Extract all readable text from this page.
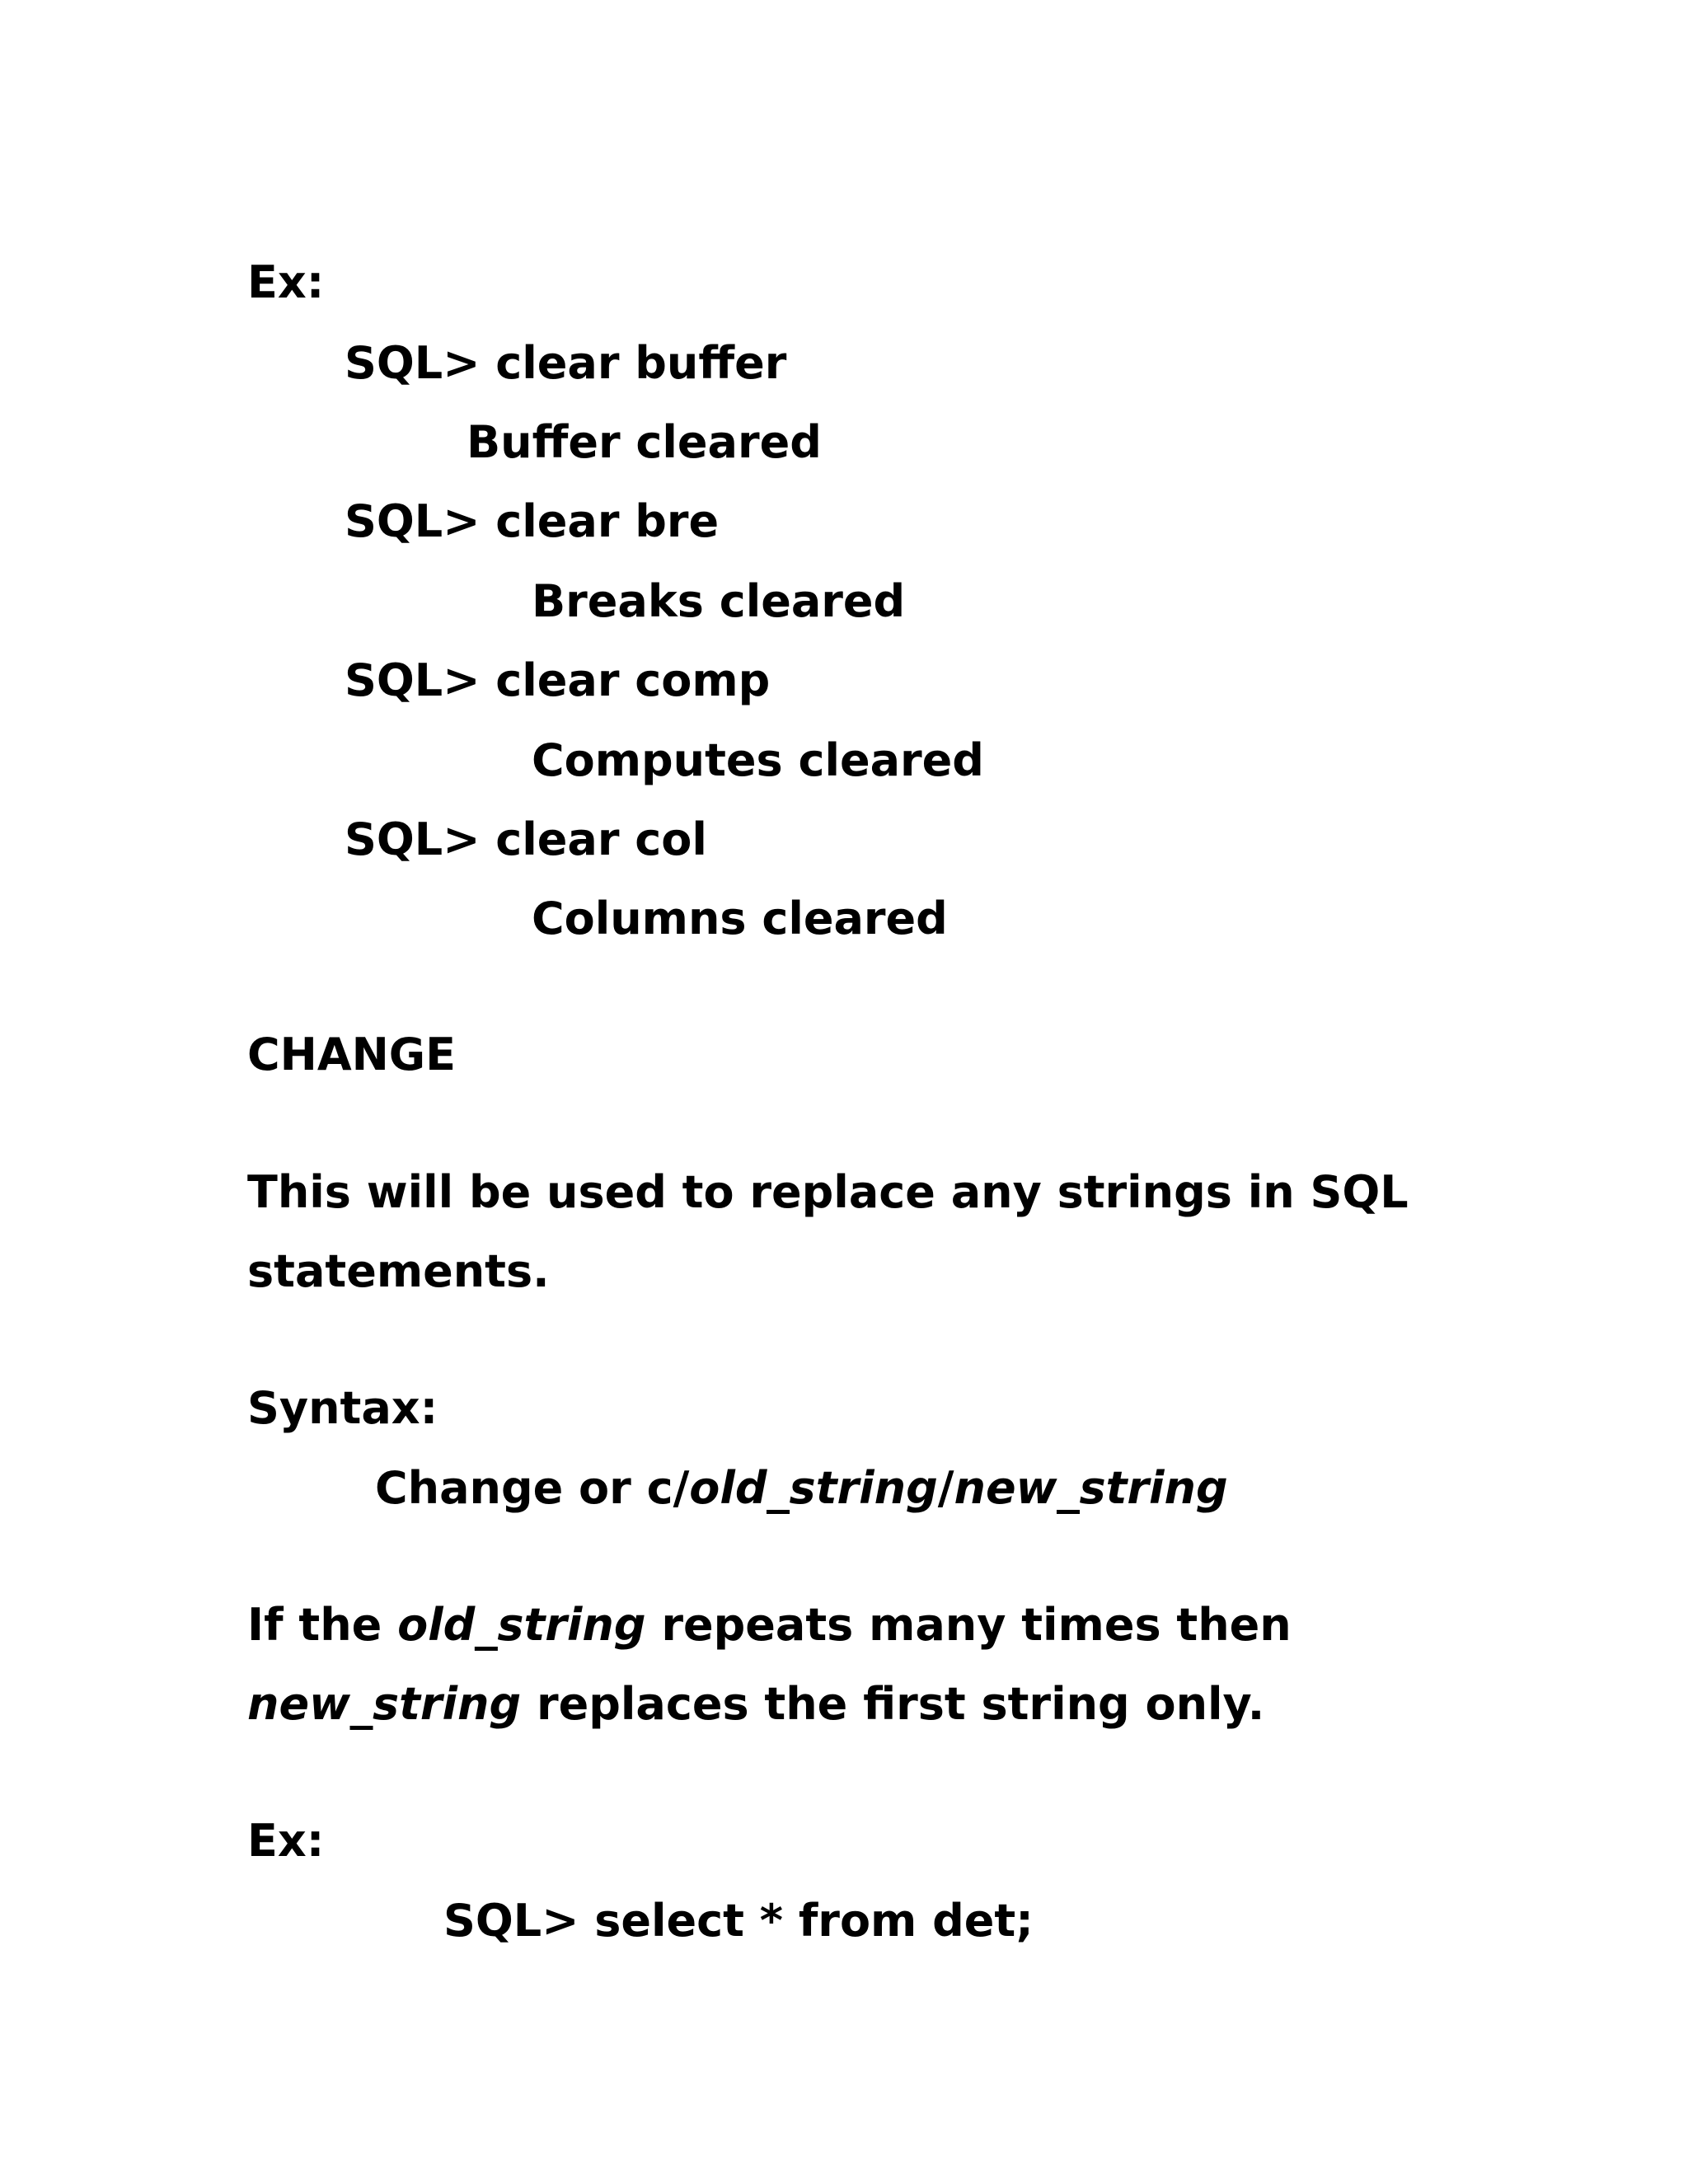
Ex:

SQL> clear buffer

Buffer cleared

SQL> clear bre

Breaks cleared

SQL> clear comp

Computes cleared

SQL> clear col

Columns cleared

CHANGE

This will be used to replace any strings in SQL

statements.

Syntax:

Change or c/old_string/new_string

If the old_string repeats many times then

new_string replaces the first string only.

Ex:

SQL> select * from det;
